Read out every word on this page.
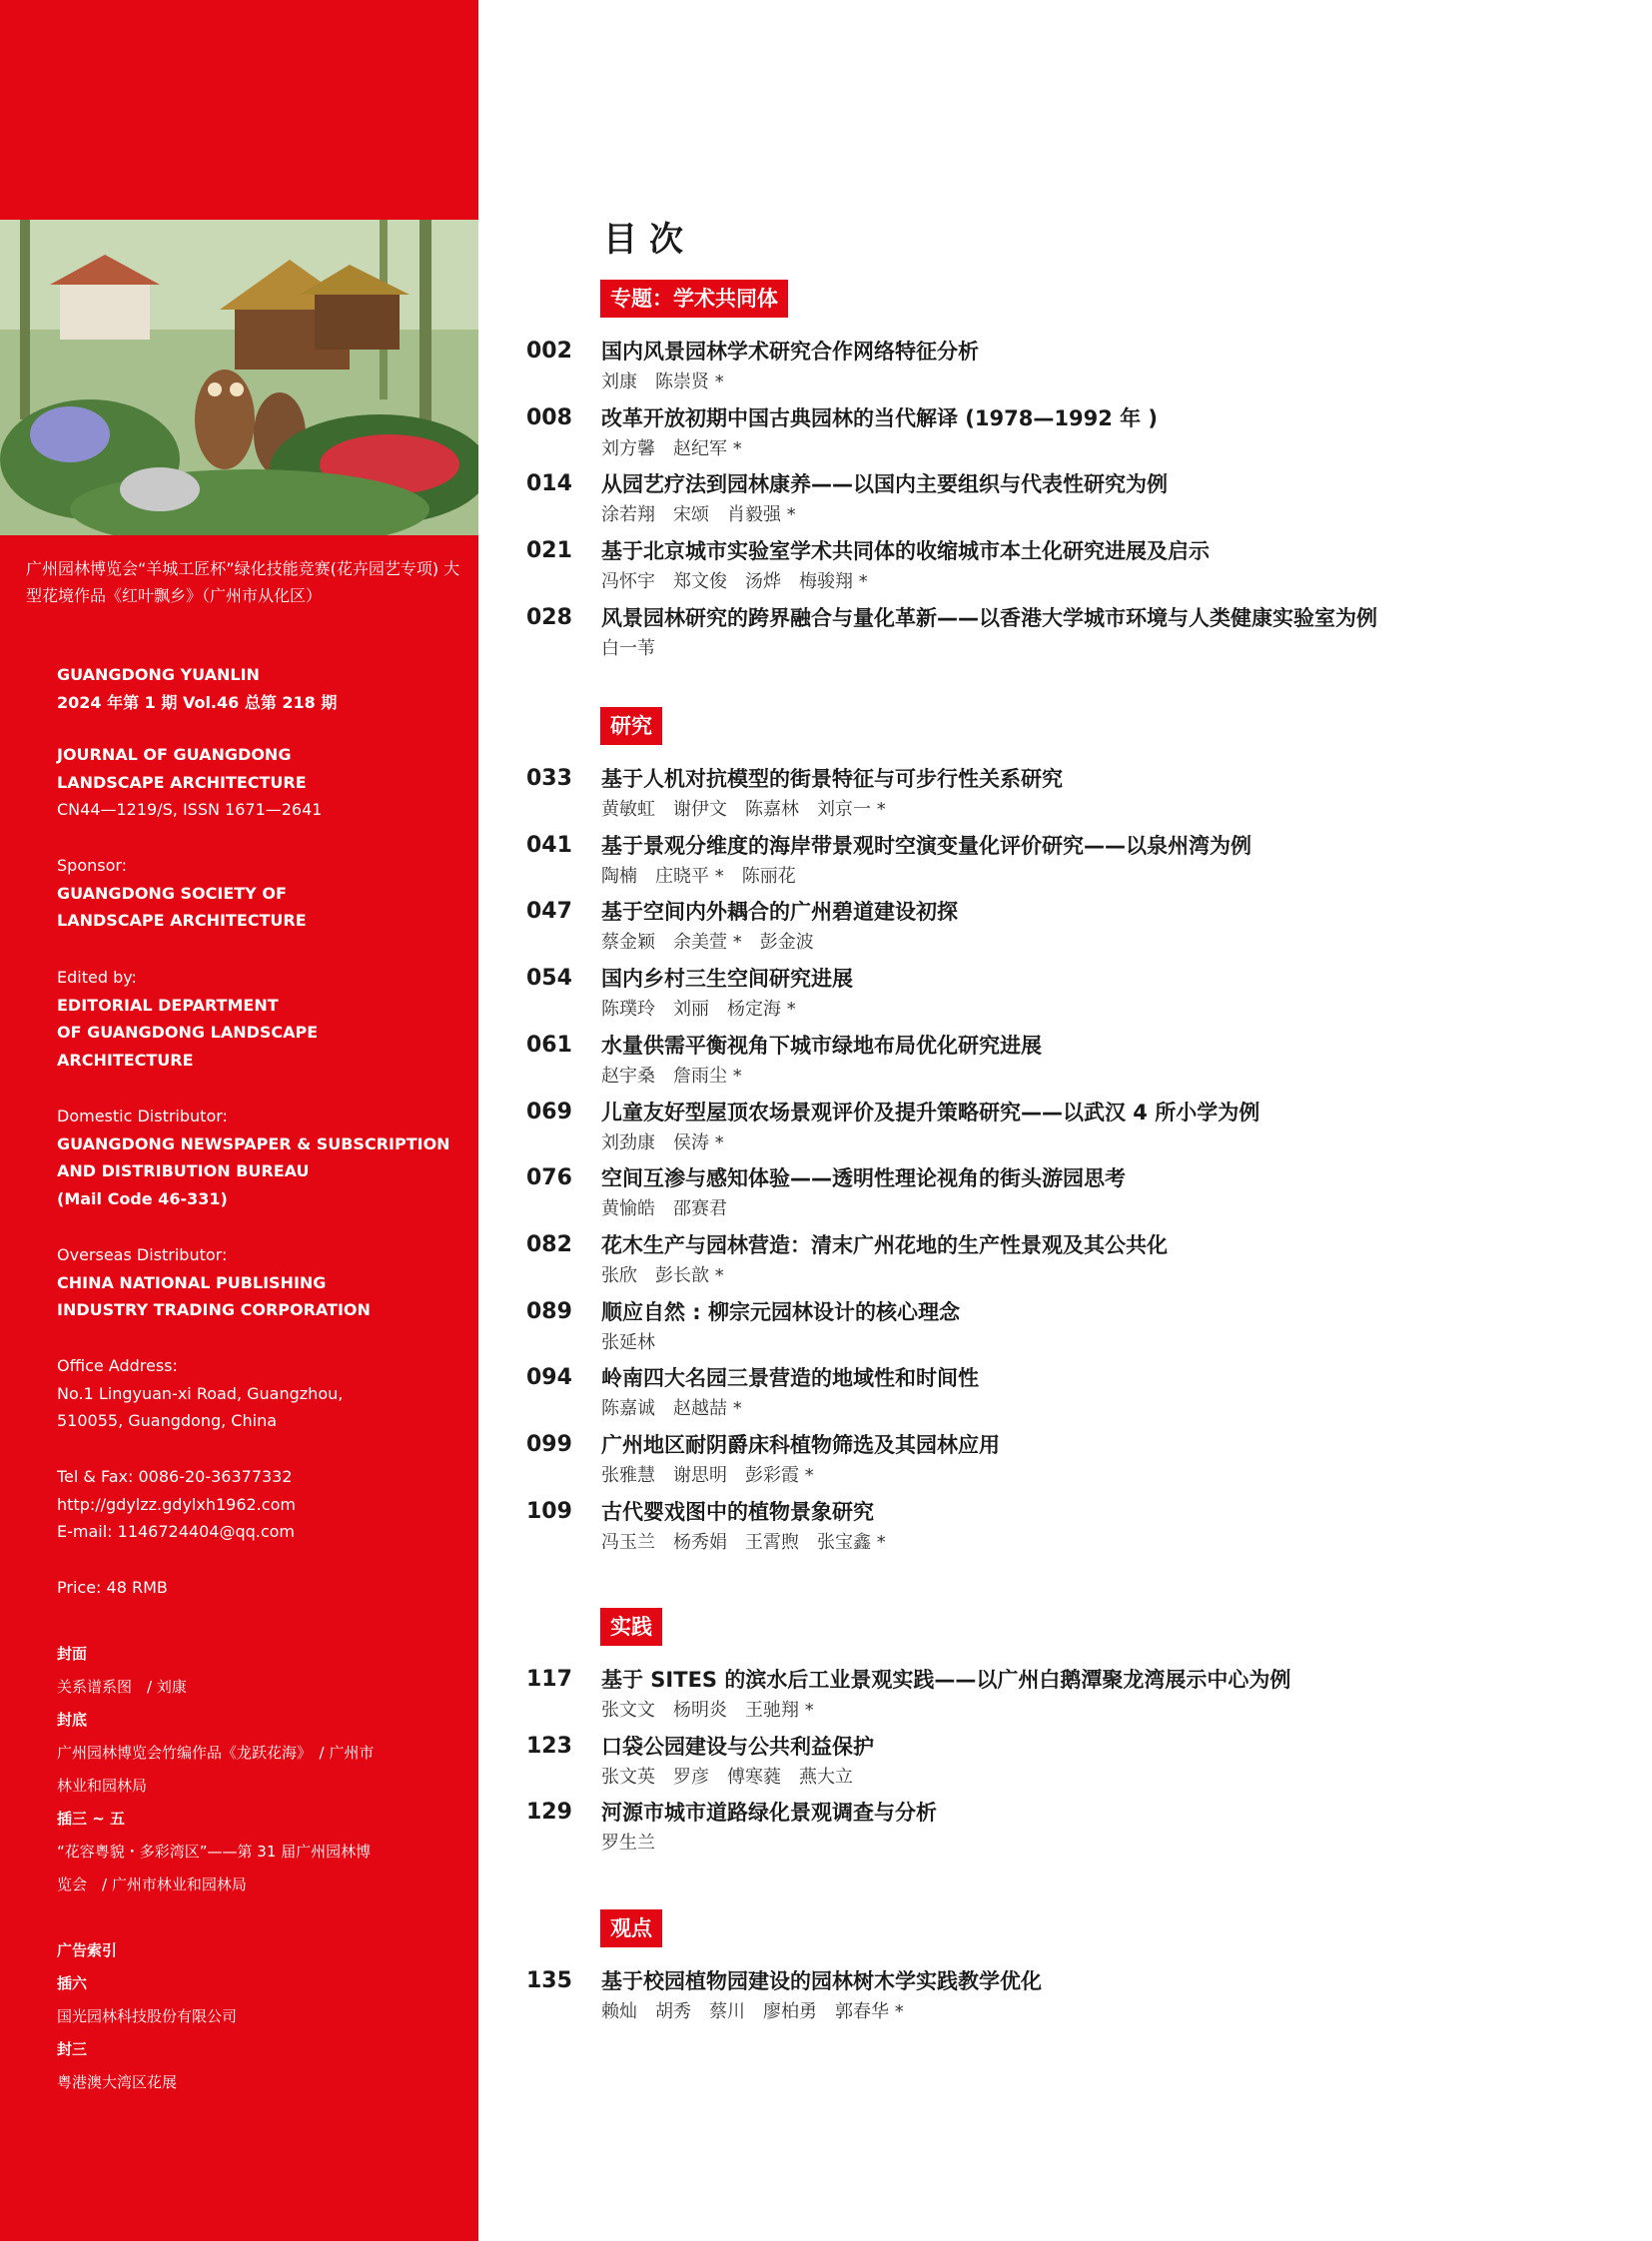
广州园林博览会“羊城工匠杯”绿化技能竞赛(花卉园艺专项) 大型花境作品《红叶飘乡》（广州市从化区）
GUANGDONG YUANLIN
2024 年第 1 期 Vol.46 总第 218 期
JOURNAL OF GUANGDONG
LANDSCAPE ARCHITECTURE
CN44—1219/S, ISSN 1671—2641
Sponsor:
GUANGDONG SOCIETY OF
LANDSCAPE ARCHITECTURE
Edited by:
EDITORIAL DEPARTMENT
OF GUANGDONG LANDSCAPE
ARCHITECTURE
Domestic Distributor:
GUANGDONG NEWSPAPER & SUBSCRIPTION
AND DISTRIBUTION BUREAU
(Mail Code 46-331)
Overseas Distributor:
CHINA NATIONAL PUBLISHING
INDUSTRY TRADING CORPORATION
Office Address:
No.1 Lingyuan-xi Road, Guangzhou,
510055, Guangdong, China
Tel & Fax: 0086-20-36377332
http://gdylzz.gdylxh1962.com
E-mail: 1146724404@qq.com
Price: 48 RMB
封面
关系谱系图　/ 刘康
封底
广州园林博览会竹编作品《龙跃花海》　/ 广州市
林业和园林局
插三 ~ 五
“花容粤貌・多彩湾区”——第 31 届广州园林博
览会　/ 广州市林业和园林局
广告索引
插六
国光园林科技股份有限公司
封三
粤港澳大湾区花展
目次
专题：学术共同体
002	国内风景园林学术研究合作网络特征分析
刘康　陈崇贤 *
008	改革开放初期中国古典园林的当代解译 (1978—1992 年 )
刘方馨　赵纪军 *
014	从园艺疗法到园林康养——以国内主要组织与代表性研究为例
涂若翔　宋颂　肖毅强 *
021	基于北京城市实验室学术共同体的收缩城市本土化研究进展及启示
冯怀宇　郑文俊　汤烨　梅骏翔 *
028	风景园林研究的跨界融合与量化革新——以香港大学城市环境与人类健康实验室为例
白一苇
研究
033	基于人机对抗模型的街景特征与可步行性关系研究
黄敏虹　谢伊文　陈嘉林　刘京一 *
041	基于景观分维度的海岸带景观时空演变量化评价研究——以泉州湾为例
陶楠　庄晓平 *　陈丽花
047	基于空间内外耦合的广州碧道建设初探
蔡金颖　余美萱 *　彭金波
054	国内乡村三生空间研究进展
陈璞玲　刘丽　杨定海 *
061	水量供需平衡视角下城市绿地布局优化研究进展
赵宇桑　詹雨尘 *
069	儿童友好型屋顶农场景观评价及提升策略研究——以武汉 4 所小学为例
刘劲康　侯涛 *
076	空间互渗与感知体验——透明性理论视角的街头游园思考
黄愉皓　邵赛君
082	花木生产与园林营造：清末广州花地的生产性景观及其公共化
张欣　彭长歆 *
089	顺应自然 : 柳宗元园林设计的核心理念
张延林
094	岭南四大名园三景营造的地域性和时间性
陈嘉诚　赵越喆 *
099	广州地区耐阴爵床科植物筛选及其园林应用
张雅慧　谢思明　彭彩霞 *
109	古代婴戏图中的植物景象研究
冯玉兰　杨秀娟　王霄煦　张宝鑫 *
实践
117	基于 SITES 的滨水后工业景观实践——以广州白鹅潭聚龙湾展示中心为例
张文文　杨明炎　王驰翔 *
123	口袋公园建设与公共利益保护
张文英　罗彦　傅寒蕤　燕大立
129	河源市城市道路绿化景观调查与分析
罗生兰
观点
135	基于校园植物园建设的园林树木学实践教学优化
赖灿　胡秀　蔡川　廖柏勇　郭春华 *
